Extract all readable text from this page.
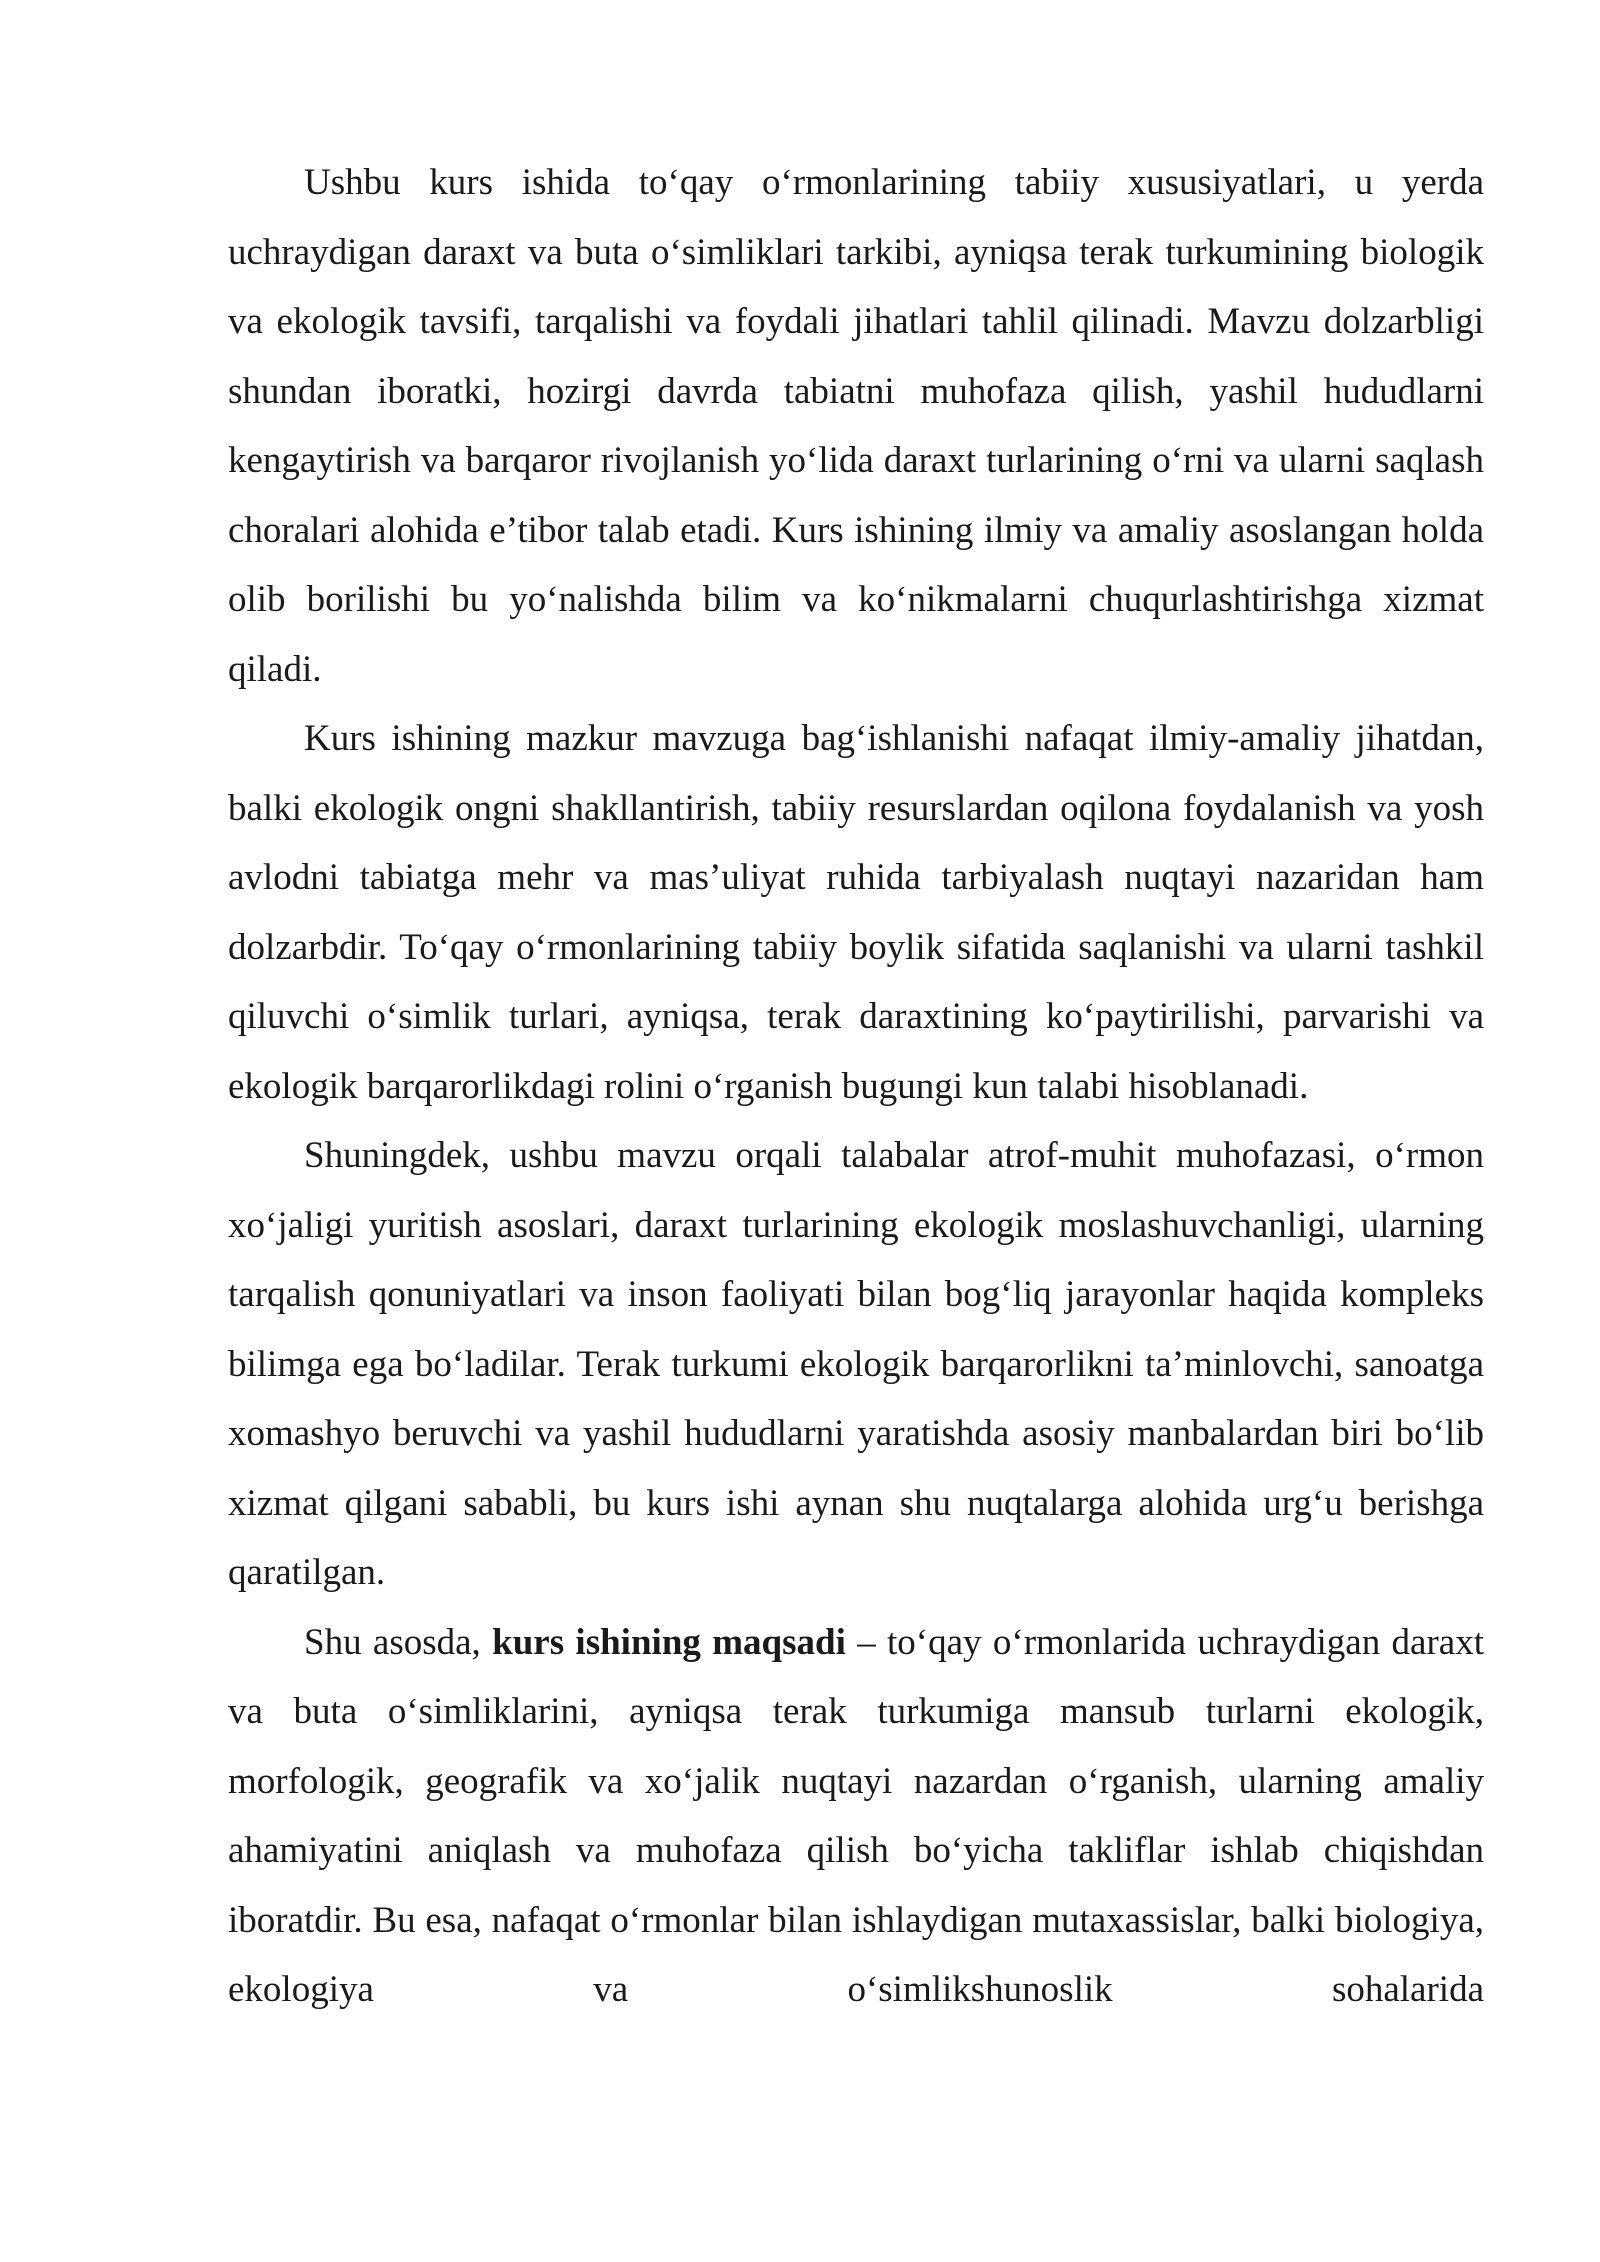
Ushbu kurs ishida to‘qay o‘rmonlarining tabiiy xususiyatlari, u yerda uchraydigan daraxt va buta o‘simliklari tarkibi, ayniqsa terak turkumining biologik va ekologik tavsifi, tarqalishi va foydali jihatlari tahlil qilinadi. Mavzu dolzarbligi shundan iboratki, hozirgi davrda tabiatni muhofaza qilish, yashil hududlarni kengaytirish va barqaror rivojlanish yo‘lida daraxt turlarining o‘rni va ularni saqlash choralari alohida e’tibor talab etadi. Kurs ishining ilmiy va amaliy asoslangan holda olib borilishi bu yo‘nalishda bilim va ko‘nikmalarni chuqurlashtirishga xizmat qiladi.

Kurs ishining mazkur mavzuga bag‘ishlanishi nafaqat ilmiy-amaliy jihatdan, balki ekologik ongni shakllantirish, tabiiy resurslardan oqilona foydalanish va yosh avlodni tabiatga mehr va mas’uliyat ruhida tarbiyalash nuqtayi nazaridan ham dolzarbdir. To‘qay o‘rmonlarining tabiiy boylik sifatida saqlanishi va ularni tashkil qiluvchi o‘simlik turlari, ayniqsa, terak daraxtining ko‘paytirilishi, parvarishi va ekologik barqarorlikdagi rolini o‘rganish bugungi kun talabi hisoblanadi.

Shuningdek, ushbu mavzu orqali talabalar atrof-muhit muhofazasi, o‘rmon xo‘jaligi yuritish asoslari, daraxt turlarining ekologik moslashuvchanligi, ularning tarqalish qonuniyatlari va inson faoliyati bilan bog‘liq jarayonlar haqida kompleks bilimga ega bo‘ladilar. Terak turkumi ekologik barqarorlikni ta’minlovchi, sanoatga xomashyo beruvchi va yashil hududlarni yaratishda asosiy manbalardan biri bo‘lib xizmat qilgani sababli, bu kurs ishi aynan shu nuqtalarga alohida urg‘u berishga qaratilgan.

Shu asosda, kurs ishining maqsadi – to‘qay o‘rmonlarida uchraydigan daraxt va buta o‘simliklarini, ayniqsa terak turkumiga mansub turlarni ekologik, morfologik, geografik va xo‘jalik nuqtayi nazardan o‘rganish, ularning amaliy ahamiyatini aniqlash va muhofaza qilish bo‘yicha takliflar ishlab chiqishdan iboratdir. Bu esa, nafaqat o‘rmonlar bilan ishlaydigan mutaxassislar, balki biologiya, ekologiya va o‘simlikshunoslik sohalarida
